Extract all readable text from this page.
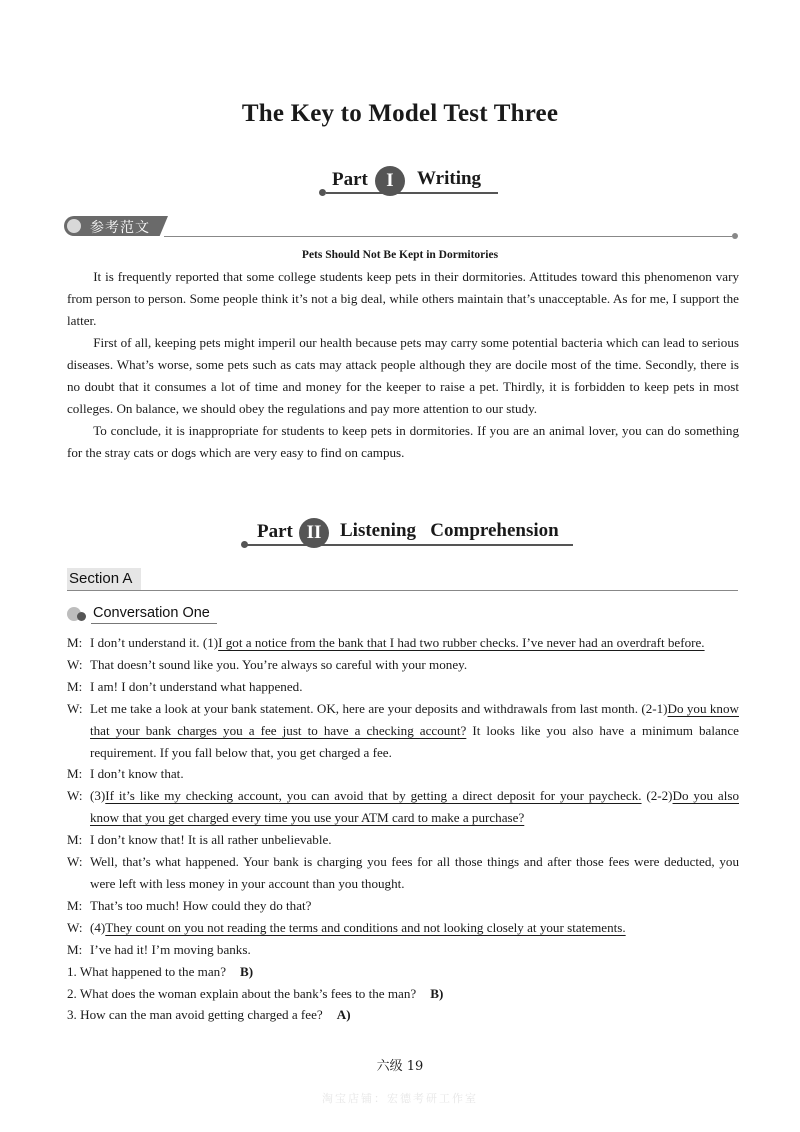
The Key to Model Test Three
Part I	Writing
参考范文
Pets Should Not Be Kept in Dormitories

It is frequently reported that some college students keep pets in their dormitories. Attitudes toward this phenomenon vary from person to person. Some people think it’s not a big deal, while others maintain that’s unacceptable. As for me, I support the latter.

First of all, keeping pets might imperil our health because pets may carry some potential bacteria which can lead to serious diseases. What’s worse, some pets such as cats may attack people although they are docile most of the time. Secondly, there is no doubt that it consumes a lot of time and money for the keeper to raise a pet. Thirdly, it is forbidden to keep pets in most colleges. On balance, we should obey the regulations and pay more attention to our study.

To conclude, it is inappropriate for students to keep pets in dormitories. If you are an animal lover, you can do something for the stray cats or dogs which are very easy to find on campus.

Part II Listening   Comprehension
Section A
Conversation One
M: I don’t understand it. (1)I got a notice from the bank that I had two rubber checks. I’ve never had an overdraft before.
W: That doesn’t sound like you. You’re always so careful with your money.
M: I am! I don’t understand what happened.
W: Let me take a look at your bank statement. OK, here are your deposits and withdrawals from last month. (2-1)Do you know that your bank charges you a fee just to have a checking account? It looks like you also have a minimum balance requirement. If you fall below that, you get charged a fee.
M: I don’t know that.
W: (3)If it’s like my checking account, you can avoid that by getting a direct deposit for your paycheck. (2-2)Do you also know that you get charged every time you use your ATM card to make a purchase?
M: I don’t know that! It is all rather unbelievable.
W: Well, that’s what happened. Your bank is charging you fees for all those things and after those fees were deducted, you were left with less money in your account than you thought.
M: That’s too much! How could they do that?
W: (4)They count on you not reading the terms and conditions and not looking closely at your statements.
M: I’ve had it! I’m moving banks.
1. What happened to the man? B)
2. What does the woman explain about the bank’s fees to the man? B)
3. How can the man avoid getting charged a fee? A)
六级 19
淘宝店铺：宏德考研工作室
